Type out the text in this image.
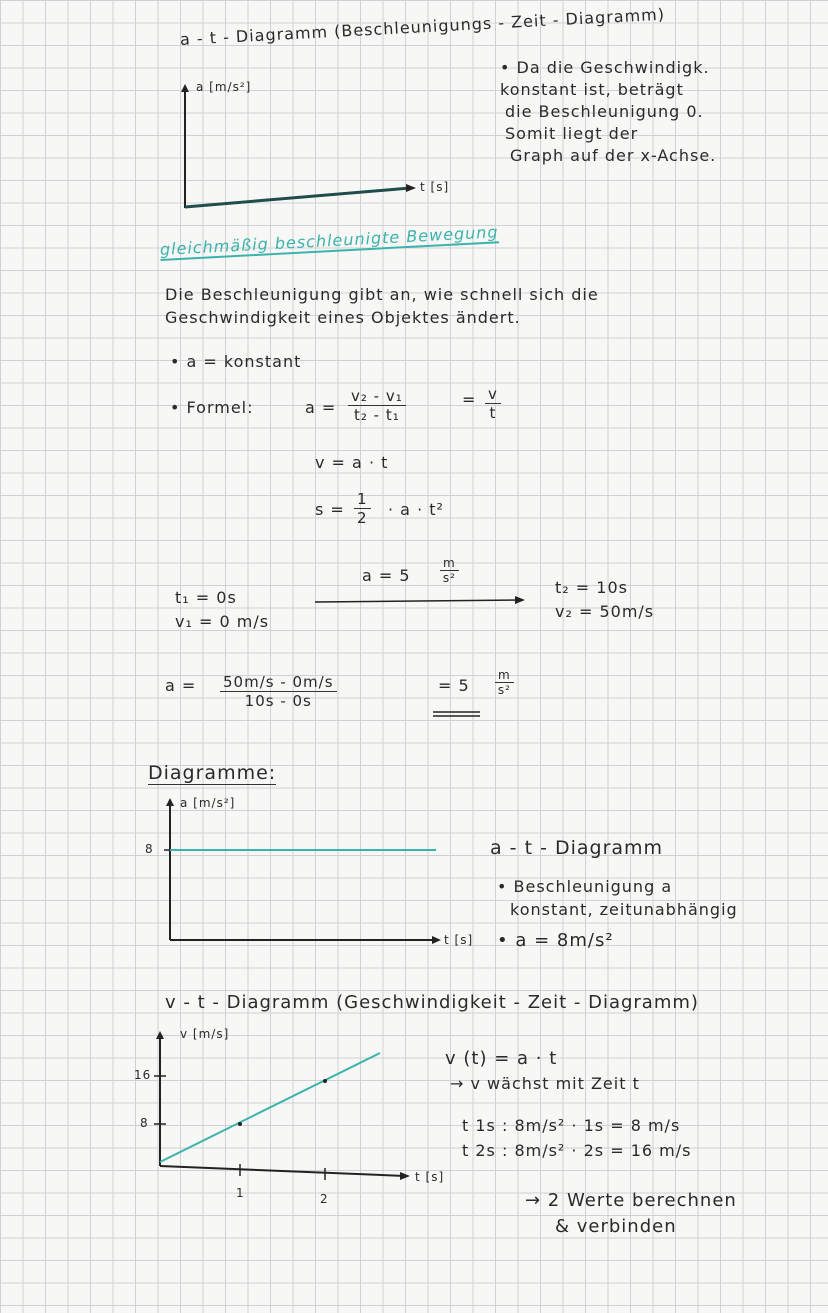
a - t - Diagramm (Beschleunigungs - Zeit - Diagramm)
a [m/s²]
t [s]
• Da die Geschwindigk.
konstant ist, beträgt
die Beschleunigung 0.
Somit liegt der
Graph auf der x-Achse.
gleichmäßig beschleunigte Bewegung
Die Beschleunigung gibt an, wie schnell sich die
Geschwindigkeit eines Objektes ändert.
• a = konstant
• Formel:	$a = \frac{\text{v₂ - v₁}}{\text{t₂ - t₁}}$	= $\frac{v}{t}$
v = a · t
$s = \frac{1}{2} \cdot a \cdot t^2$
$a = 5 \frac{m}{\text{s²}}$
t₁ = 0s
v₁ = 0 m/s
t₂ = 10s
v₂ = 50m/s
$a = \frac{50m/s - 0m/s}{10s - 0s}$	= $5 \frac{m}{\text{s²}}$
Diagramme:
a [m/s²]
8
t [s]
a - t - Diagramm
• Beschleunigung a
konstant, zeitunabhängig
• a = 8m/s²
v - t - Diagramm (Geschwindigkeit - Zeit - Diagramm)
v [m/s]
16
8
1	2
t [s]
v (t) = a · t
→ v wächst mit Zeit t
t 1s : 8m/s² · 1s = 8 m/s
t 2s : 8m/s² · 2s = 16 m/s
→ 2 Werte berechnen
& verbinden
